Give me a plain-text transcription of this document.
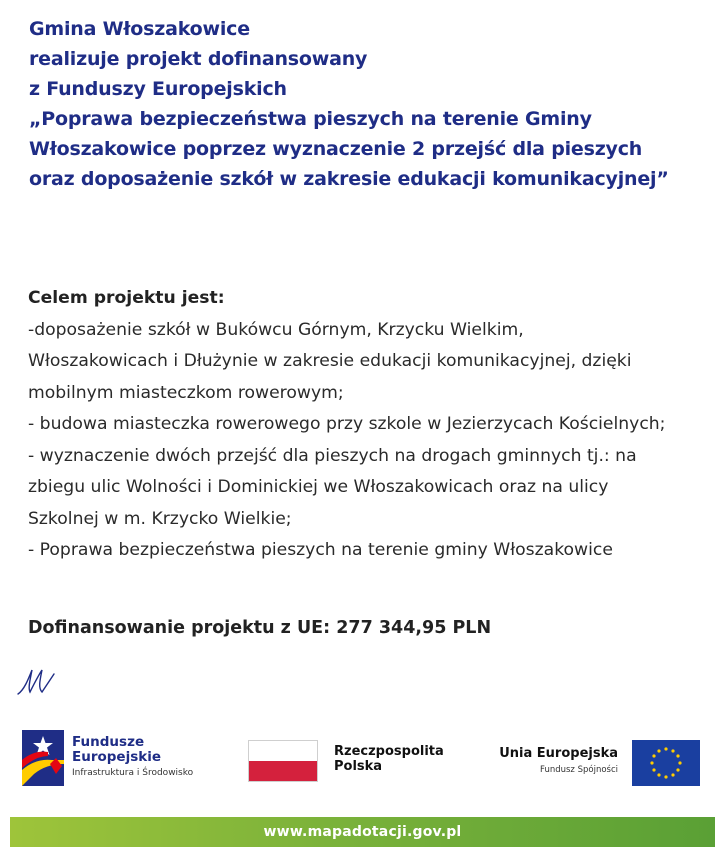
Gmina Włoszakowice
realizuje projekt dofinansowany
z Funduszy Europejskich
„Poprawa bezpieczeństwa pieszych na terenie Gminy
Włoszakowice poprzez wyznaczenie 2 przejść dla pieszych
oraz doposażenie szkół w zakresie edukacji komunikacyjnej”
Celem projektu jest:
-doposażenie szkół w Bukówcu Górnym, Krzycku Wielkim,
Włoszakowicach i Dłużynie w zakresie edukacji komunikacyjnej, dzięki
mobilnym miasteczkom rowerowym;
- budowa miasteczka rowerowego przy szkole w Jezierzycach Kościelnych;
- wyznaczenie dwóch przejść dla pieszych na drogach gminnych tj.: na
zbiegu ulic Wolności i Dominickiej we Włoszakowicach oraz na ulicy
Szkolnej w m. Krzycko Wielkie;
- Poprawa bezpieczeństwa pieszych na terenie gminy Włoszakowice
Dofinansowanie projektu z UE: 277 344,95 PLN
Fundusze
Europejskie
Infrastruktura i Środowisko
Rzeczpospolita
Polska
Unia Europejska
Fundusz Spójności
www.mapadotacji.gov.pl
